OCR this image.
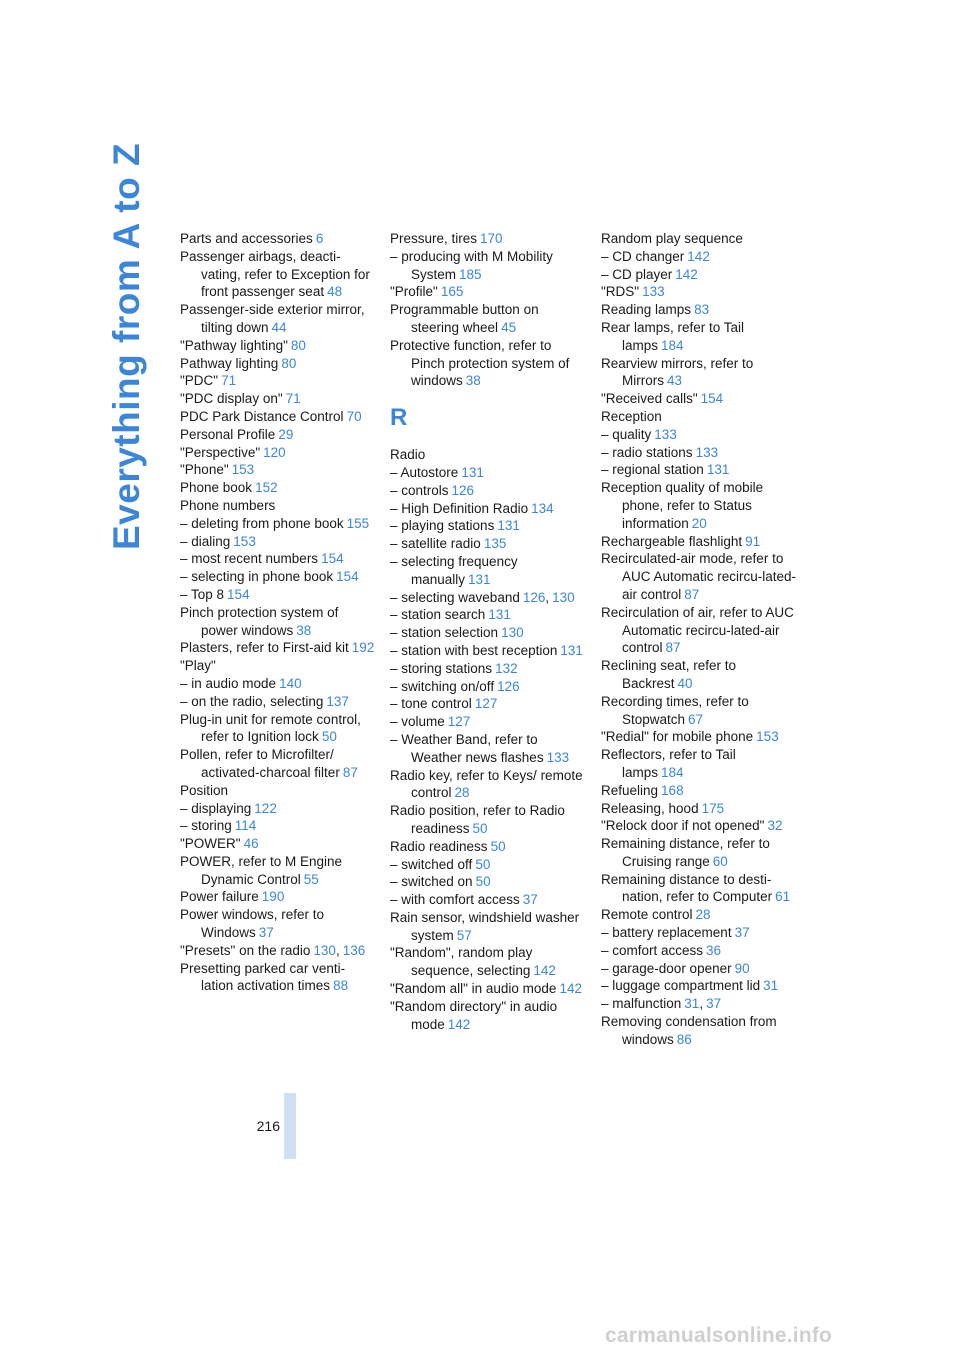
Everything from A to Z Parts and accessories 6
Passenger airbags, deacti-vating, refer to Exception for front passenger seat 48
Passenger-side exterior mirror, tilting down 44
"Pathway lighting" 80
Pathway lighting 80
"PDC" 71
"PDC display on" 71
PDC Park Distance Control 70
Personal Profile 29
"Perspective" 120
"Phone" 153
Phone book 152
Phone numbers
– deleting from phone book 155
– dialing 153
– most recent numbers 154
– selecting in phone book 154
– Top 8 154
Pinch protection system of power windows 38
Plasters, refer to First-aid kit 192
"Play"
– in audio mode 140
– on the radio, selecting 137
Plug-in unit for remote control, refer to Ignition lock 50
Pollen, refer to Microfilter/ activated-charcoal filter 87
Position
– displaying 122
– storing 114
"POWER" 46
POWER, refer to M Engine Dynamic Control 55
Power failure 190
Power windows, refer to Windows 37
"Presets" on the radio 130, 136
Presetting parked car venti-lation activation times 88
Pressure, tires 170
– producing with M Mobility System 185
"Profile" 165
Programmable button on steering wheel 45
Protective function, refer to Pinch protection system of windows 38
R
Radio
– Autostore 131
– controls 126
– High Definition Radio 134
– playing stations 131
– satellite radio 135
– selecting frequency manually 131
– selecting waveband 126, 130
– station search 131
– station selection 130
– station with best reception 131
– storing stations 132
– switching on/off 126
– tone control 127
– volume 127
– Weather Band, refer to Weather news flashes 133
Radio key, refer to Keys/ remote control 28
Radio position, refer to Radio readiness 50
Radio readiness 50
– switched off 50
– switched on 50
– with comfort access 37
Rain sensor, windshield washer system 57
"Random", random play sequence, selecting 142
"Random all" in audio mode 142
"Random directory" in audio mode 142
Random play sequence
– CD changer 142
– CD player 142
"RDS" 133
Reading lamps 83
Rear lamps, refer to Tail lamps 184
Rearview mirrors, refer to Mirrors 43
"Received calls" 154
Reception
– quality 133
– radio stations 133
– regional station 131
Reception quality of mobile phone, refer to Status information 20
Rechargeable flashlight 91
Recirculated-air mode, refer to AUC Automatic recircu-lated-air control 87
Recirculation of air, refer to AUC Automatic recircu-lated-air control 87
Reclining seat, refer to Backrest 40
Recording times, refer to Stopwatch 67
"Redial" for mobile phone 153
Reflectors, refer to Tail lamps 184
Refueling 168
Releasing, hood 175
"Relock door if not opened" 32
Remaining distance, refer to Cruising range 60
Remaining distance to desti-nation, refer to Computer 61
Remote control 28
– battery replacement 37
– comfort access 36
– garage-door opener 90
– luggage compartment lid 31
– malfunction 31, 37
Removing condensation from windows 86
216
carmanualsonline.info
